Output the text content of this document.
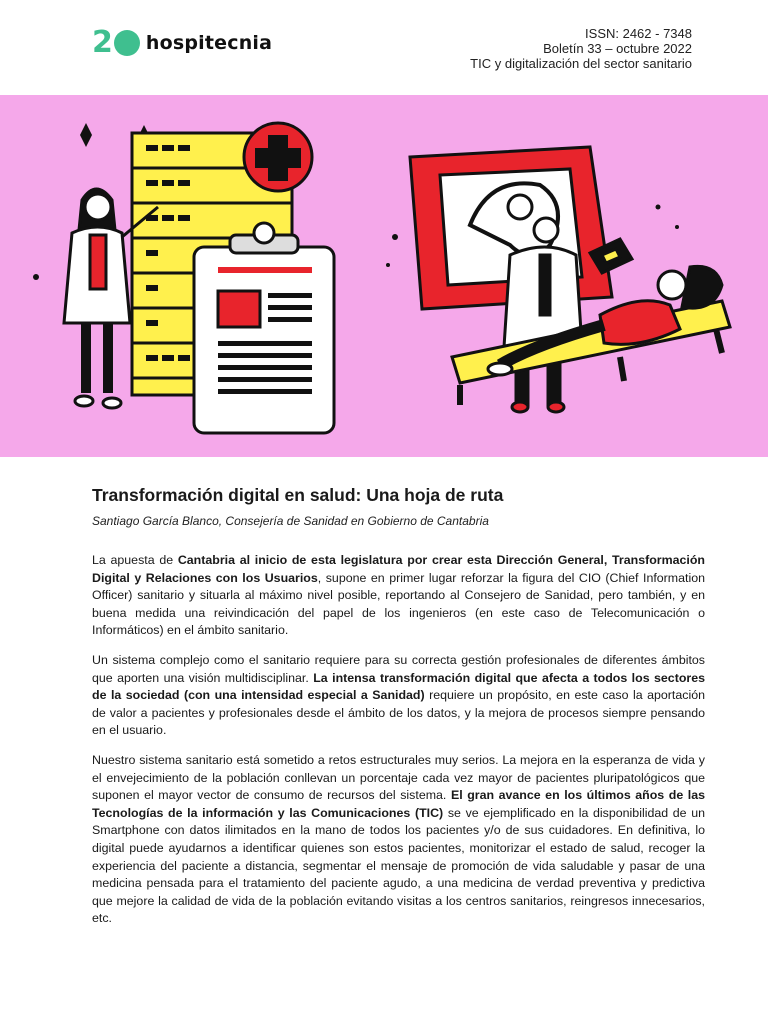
2 hospitecnia	ISSN: 2462 - 7348
Boletín 33 – octubre 2022
TIC y digitalización del sector sanitario
Transformación digital en salud: Una hoja de ruta
Santiago García Blanco, Consejería de Sanidad en Gobierno de Cantabria

La apuesta de Cantabria al inicio de esta legislatura por crear esta Dirección General, Transformación Digital y Relaciones con los Usuarios, supone en primer lugar reforzar la figura del CIO (Chief Information Officer) sanitario y situarla al máximo nivel posible, reportando al Consejero de Sanidad, pero también, y en buena medida una reivindicación del papel de los ingenieros (en este caso de Telecomunicación o Informáticos) en el ámbito sanitario.

Un sistema complejo como el sanitario requiere para su correcta gestión profesionales de diferentes ámbitos que aporten una visión multidisciplinar. La intensa transformación digital que afecta a todos los sectores de la sociedad (con una intensidad especial a Sanidad) requiere un propósito, en este caso la aportación de valor a pacientes y profesionales desde el ámbito de los datos, y la mejora de procesos siempre pensando en el usuario.

Nuestro sistema sanitario está sometido a retos estructurales muy serios. La mejora en la esperanza de vida y el envejecimiento de la población conllevan un porcentaje cada vez mayor de pacientes pluripatológicos que suponen el mayor vector de consumo de recursos del sistema. El gran avance en los últimos años de las Tecnologías de la información y las Comunicaciones (TIC) se ve ejemplificado en la disponibilidad de un Smartphone con datos ilimitados en la mano de todos los pacientes y/o de sus cuidadores. En definitiva, lo digital puede ayudarnos a identificar quienes son estos pacientes, monitorizar el estado de salud, recoger la experiencia del paciente a distancia, segmentar el mensaje de promoción de vida saludable y pasar de una medicina pensada para el tratamiento del paciente agudo, a una medicina de verdad preventiva y predictiva que mejore la calidad de vida de la población evitando visitas a los centros sanitarios, reingresos innecesarios, etc.
